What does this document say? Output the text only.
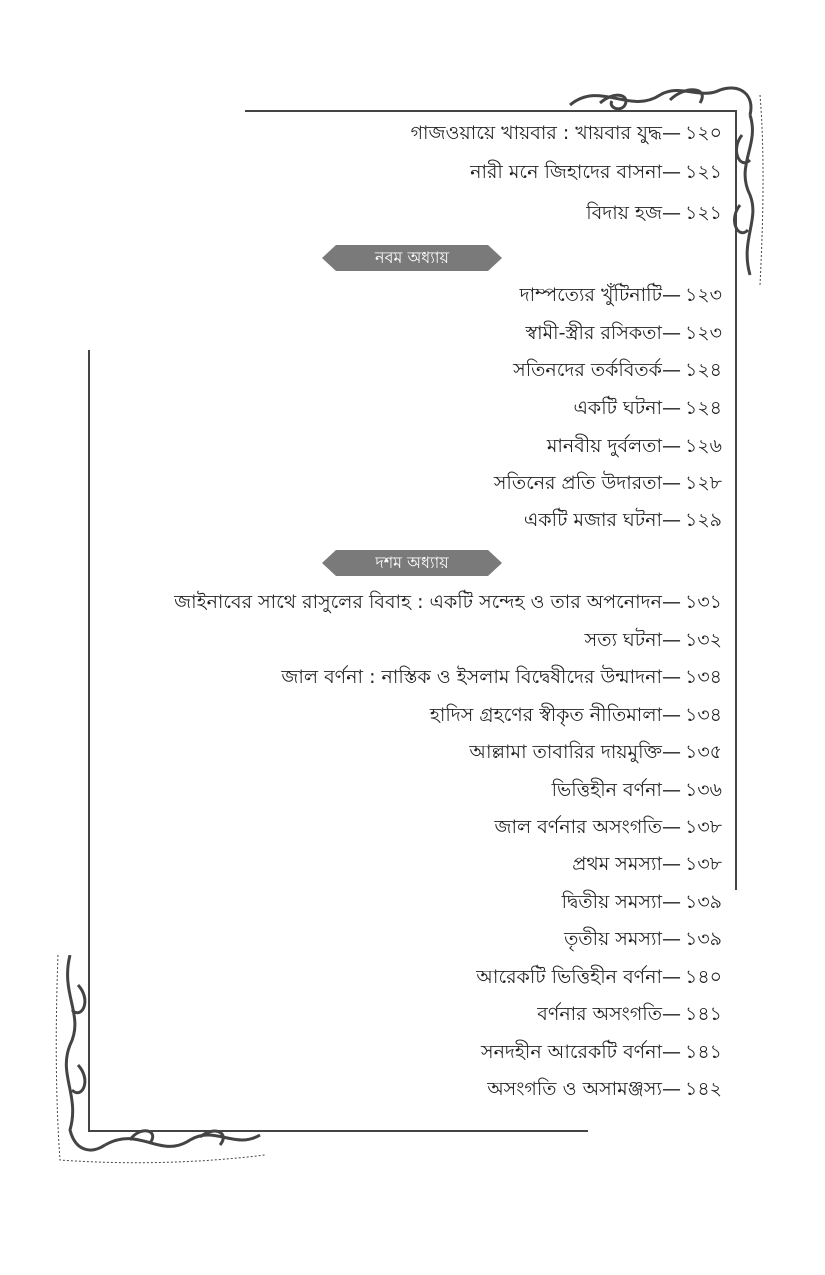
গাজওয়ায়ে খায়বার : খায়বার যুদ্ধ— ১২০
নারী মনে জিহাদের বাসনা— ১২১
বিদায় হজ— ১২১
নবম অধ্যায়
দাম্পত্যের খুঁটিনাটি— ১২৩
স্বামী-স্ত্রীর রসিকতা— ১২৩
সতিনদের তর্কবিতর্ক— ১২৪
একটি ঘটনা— ১২৪
মানবীয় দুর্বলতা— ১২৬
সতিনের প্রতি উদারতা— ১২৮
একটি মজার ঘটনা— ১২৯
দশম অধ্যায়
জাইনাবের সাথে রাসুলের বিবাহ : একটি সন্দেহ ও তার অপনোদন— ১৩১
সত্য ঘটনা— ১৩২
জাল বর্ণনা : নাস্তিক ও ইসলাম বিদ্বেষীদের উন্মাদনা— ১৩৪
হাদিস গ্রহণের স্বীকৃত নীতিমালা— ১৩৪
আল্লামা তাবারির দায়মুক্তি— ১৩৫
ভিত্তিহীন বর্ণনা— ১৩৬
জাল বর্ণনার অসংগতি— ১৩৮
প্রথম সমস্যা— ১৩৮
দ্বিতীয় সমস্যা— ১৩৯
তৃতীয় সমস্যা— ১৩৯
আরেকটি ভিত্তিহীন বর্ণনা— ১৪০
বর্ণনার অসংগতি— ১৪১
সনদহীন আরেকটি বর্ণনা— ১৪১
অসংগতি ও অসামঞ্জস্য— ১৪২
